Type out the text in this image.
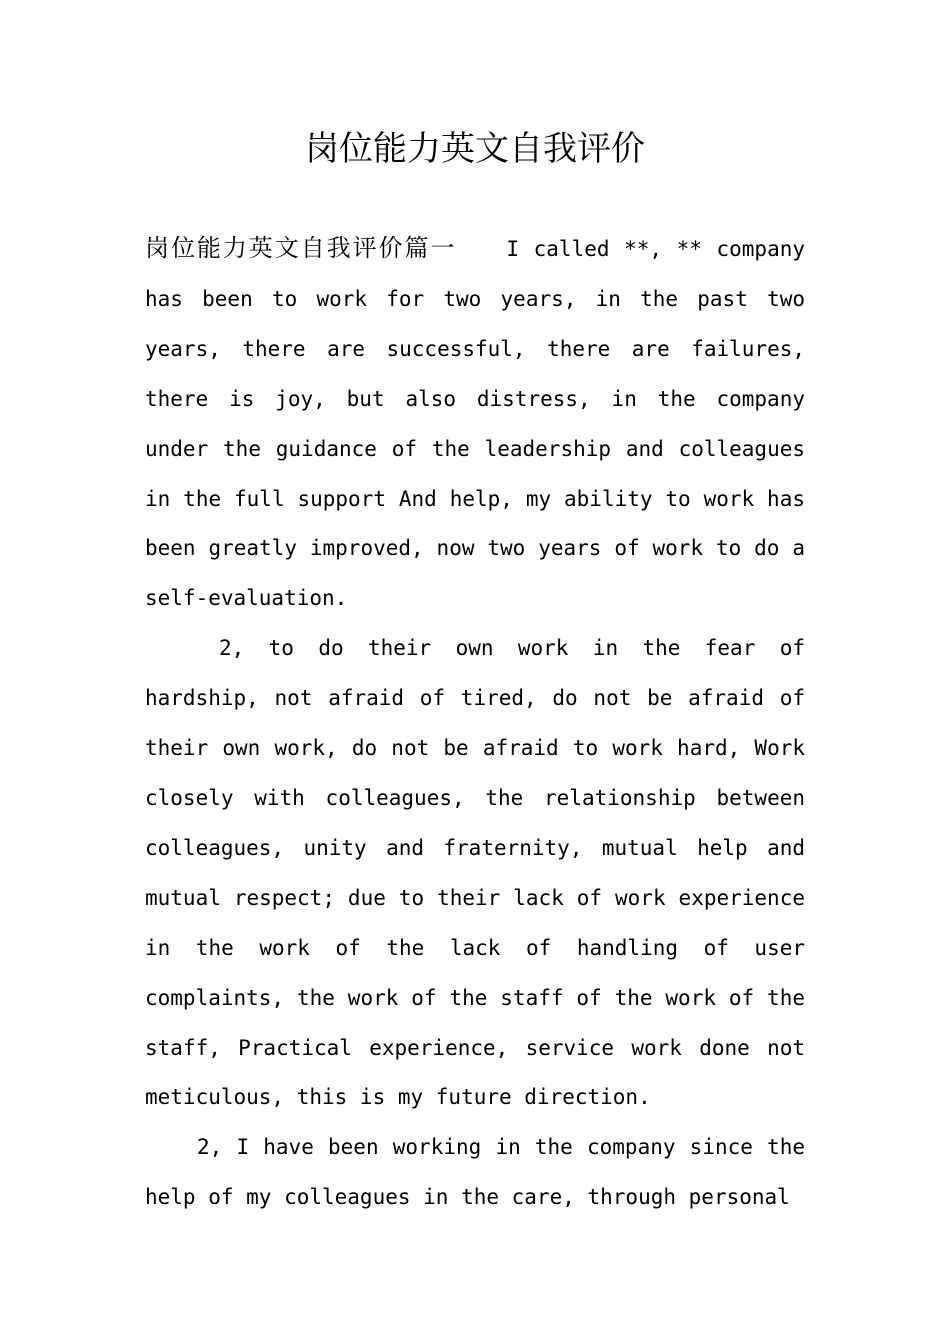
岗位能力英文自我评价

岗位能力英文自我评价篇一 I called **, ** company has been to work for two years, in the past two years, there are successful, there are failures, there is joy, but also distress, in the company under the guidance of the leadership and colleagues in the full support And help, my ability to work has been greatly improved, now two years of work to do a self-evaluation.

2, to do their own work in the fear of hardship, not afraid of tired, do not be afraid of their own work, do not be afraid to work hard, Work closely with colleagues, the relationship between colleagues, unity and fraternity, mutual help and mutual respect; due to their lack of work experience in the work of the lack of handling of user complaints, the work of the staff of the work of the staff, Practical experience, service work done not meticulous, this is my future direction.

2, I have been working in the company since the help of my colleagues in the care, through personal
